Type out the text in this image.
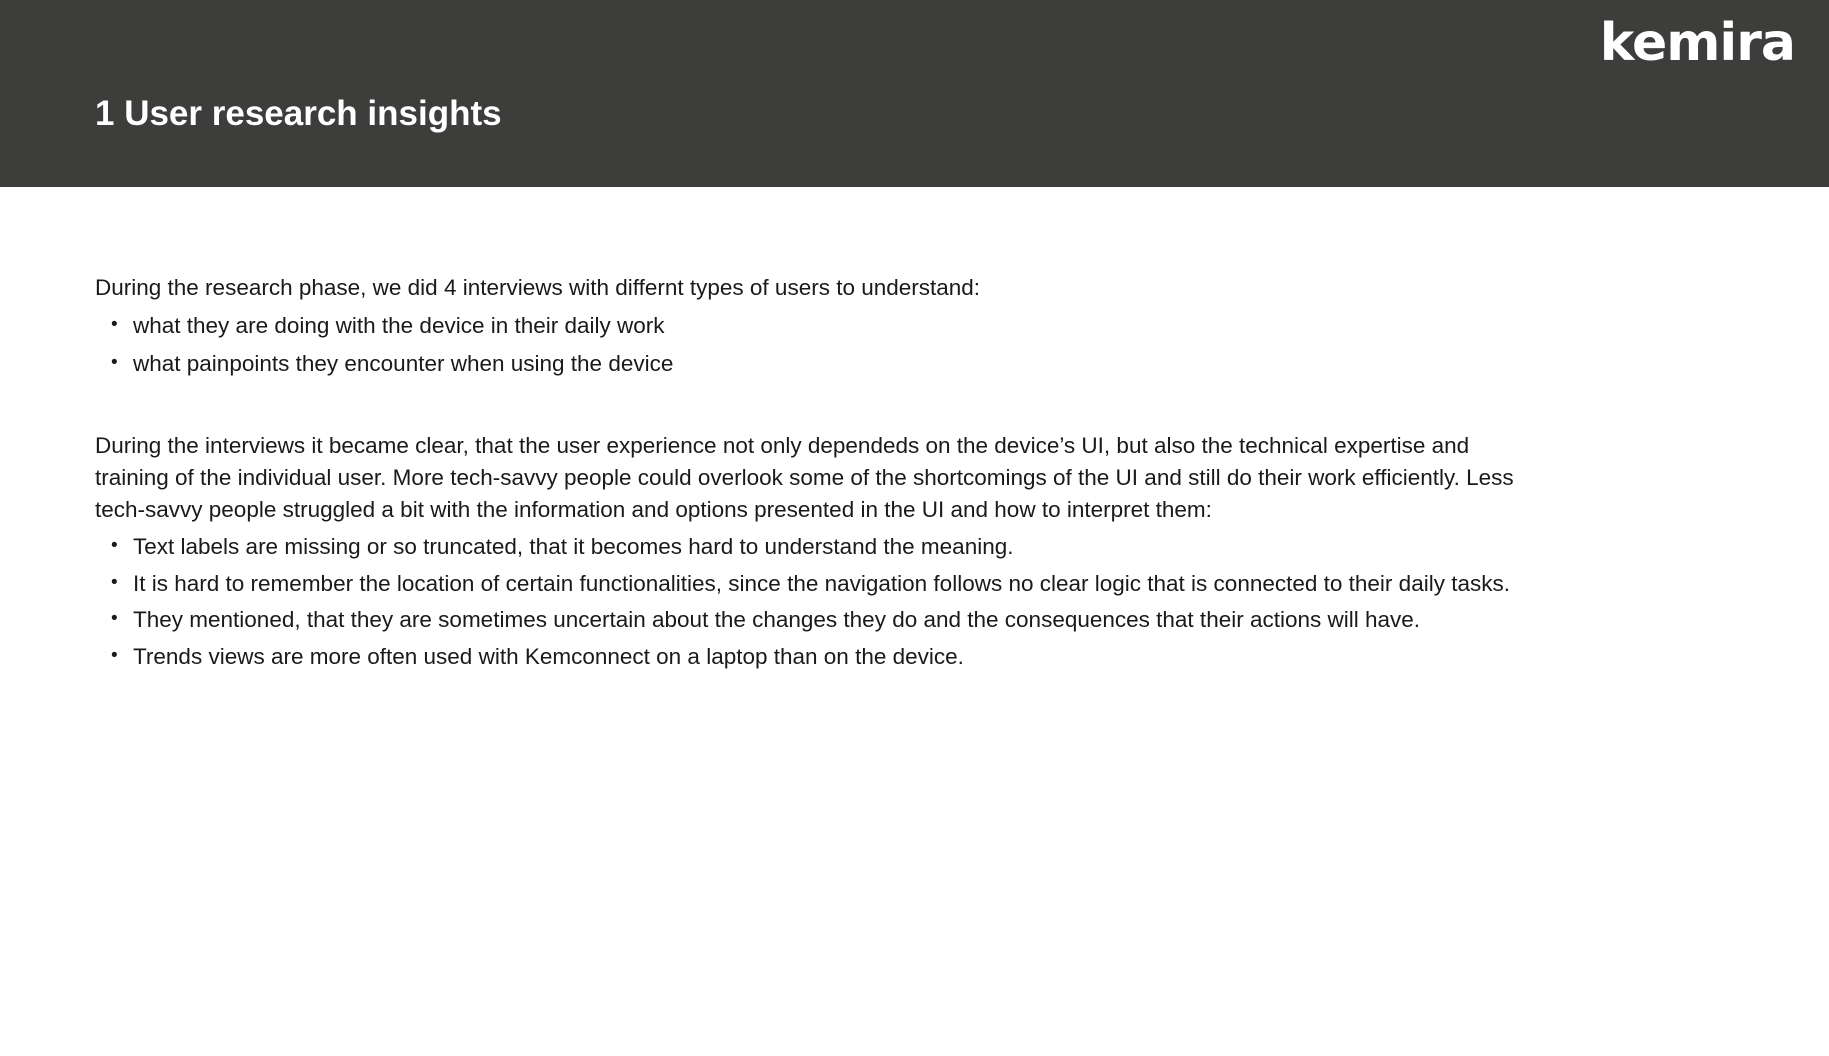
kemira
1 User research insights

During the research phase, we did 4 interviews with differnt types of users to understand:

• what they are doing with the device in their daily work
• what painpoints they encounter when using the device

During the interviews it became clear, that the user experience not only dependeds on the device’s UI, but also the technical expertise and training of the individual user. More tech-savvy people could overlook some of the shortcomings of the UI and still do their work efficiently. Less tech-savvy people struggled a bit with the information and options presented in the UI and how to interpret them:

• Text labels are missing or so truncated, that it becomes hard to understand the meaning.
• It is hard to remember the location of certain functionalities, since the navigation follows no clear logic that is connected to their daily tasks.
• They mentioned, that they are sometimes uncertain about the changes they do and the consequences that their actions will have.
• Trends views are more often used with Kemconnect on a laptop than on the device.
